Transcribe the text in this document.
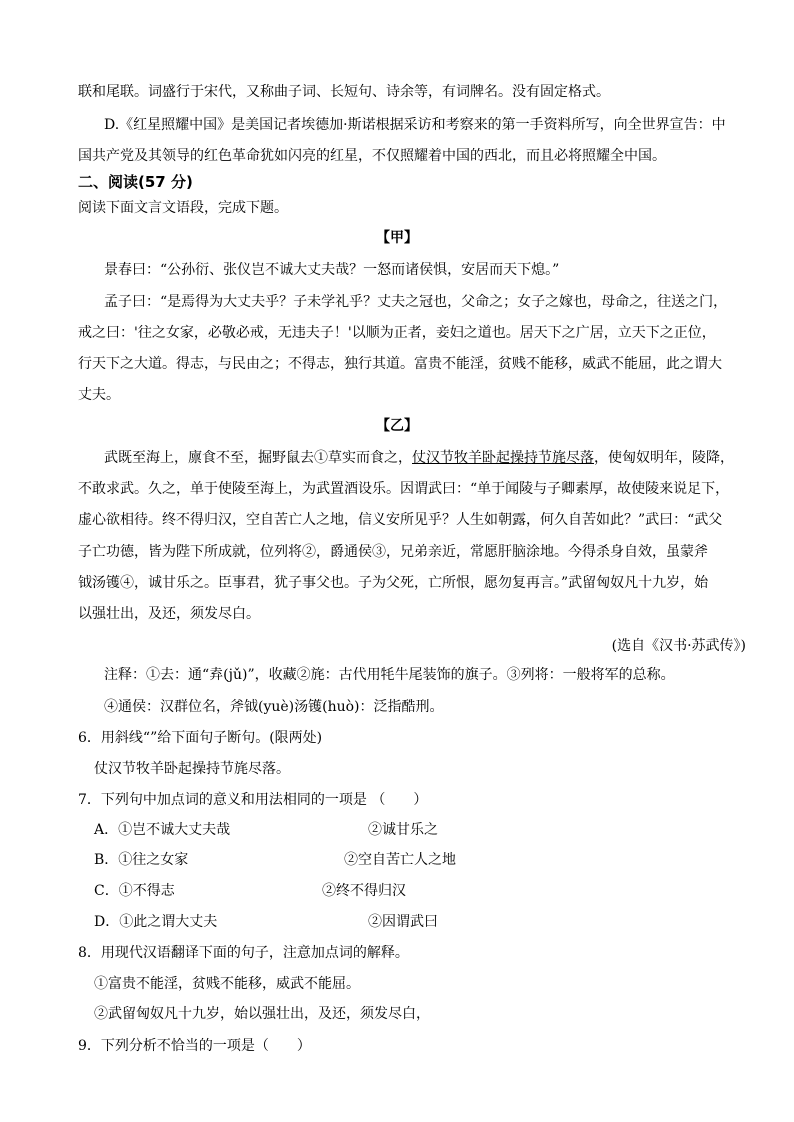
联和尾联。词盛行于宋代，又称曲子词、长短句、诗余等，有词牌名。没有固定格式。
D.《红星照耀中国》是美国记者埃德加·斯诺根据采访和考察来的第一手资料所写，向全世界宣告：中
国共产党及其领导的红色革命犹如闪亮的红星，不仅照耀着中国的西北，而且必将照耀全中国。
二、阅读(57 分)
阅读下面文言文语段，完成下题。
【甲】
景春曰：“公孙衍、张仪岂不诚大丈夫哉？一怒而诸侯惧，安居而天下熄。”
孟子曰：“是焉得为大丈夫乎？子未学礼乎？丈夫之冠也，父命之；女子之嫁也，母命之，往送之门，
戒之曰：'往之女家，必敬必戒，无违夫子！'以顺为正者，妾妇之道也。居天下之广居，立天下之正位，
行天下之大道。得志，与民由之；不得志，独行其道。富贵不能淫，贫贱不能移，威武不能屈，此之谓大
丈夫。
【乙】
武既至海上，廪食不至，掘野鼠去①草实而食之，仗汉节牧羊卧起操持节旄尽落，使匈奴明年，陵降，
不敢求武。久之，单于使陵至海上，为武置酒设乐。因谓武曰：“单于闻陵与子卿素厚，故使陵来说足下，
虚心欲相待。终不得归汉，空自苦亡人之地，信义安所见乎？人生如朝露，何久自苦如此？”武曰：“武父
子亡功德，皆为陛下所成就，位列将②，爵通侯③，兄弟亲近，常愿肝脑涂地。今得杀身自效，虽蒙斧
钺汤镬④，诚甘乐之。臣事君，犹子事父也。子为父死，亡所恨，愿勿复再言。”武留匈奴凡十九岁，始
以强壮出，及还，须发尽白。
(选自《汉书·苏武传》)
注释：①去：通“弆(jǔ)”，收藏②旄：古代用牦牛尾装饰的旗子。③列将：一般将军的总称。
④通侯：汉群位名，斧钺(yuè)汤镬(huò)：泛指酷刑。
6．用斜线“”给下面句子断句。(限两处)
仗汉节牧羊卧起操持节旄尽落。
7．下列句中加点词的意义和用法相同的一项是 （　　）
A．①岂不诚大丈夫哉	②诚甘乐之
B．①往之女家	②空自苦亡人之地
C．①不得志	②终不得归汉
D．①此之谓大丈夫	②因谓武曰
8．用现代汉语翻译下面的句子，注意加点词的解释。
①富贵不能淫，贫贱不能移，威武不能屈。
②武留匈奴凡十九岁，始以强壮出，及还，须发尽白，
9．下列分析不恰当的一项是（　　）
